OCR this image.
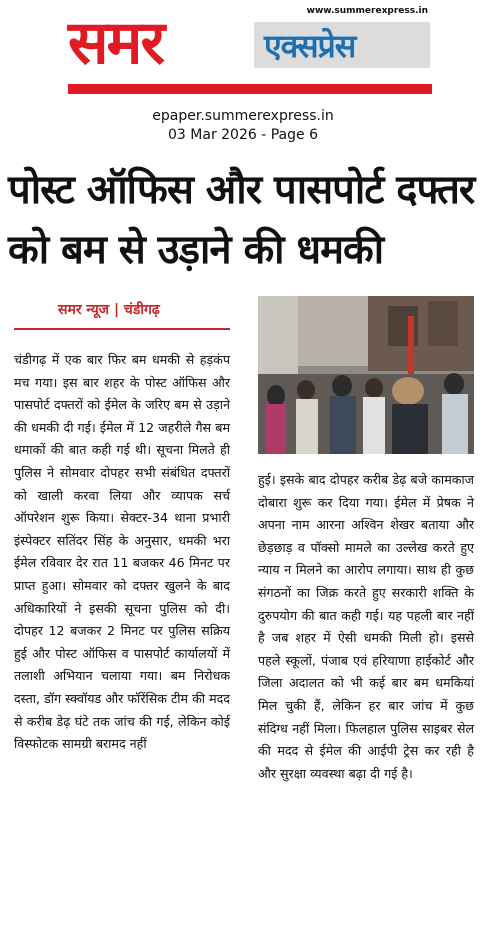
समर	एक्सप्रेस
www.summerexpress.in
epaper.summerexpress.in
03 Mar 2026 - Page 6
पोस्ट ऑफिस और पासपोर्ट दफ्तर को बम से उड़ाने की धमकी
समर न्यूज | चंडीगढ़

चंडीगढ़ में एक बार फिर बम धमकी से हड़कंप मच गया। इस बार शहर के पोस्ट ऑफिस और पासपोर्ट दफ्तरों को ईमेल के जरिए बम से उड़ाने की धमकी दी गई। ईमेल में 12 जहरीले गैस बम धमाकों की बात कही गई थी। सूचना मिलते ही पुलिस ने सोमवार दोपहर सभी संबंधित दफ्तरों को खाली करवा लिया और व्यापक सर्च ऑपरेशन शुरू किया। सेक्टर-34 थाना प्रभारी इंस्पेक्टर सतिंदर सिंह के अनुसार, धमकी भरा ईमेल रविवार देर रात 11 बजकर 46 मिनट पर प्राप्त हुआ। सोमवार को दफ्तर खुलने के बाद अधिकारियों ने इसकी सूचना पुलिस को दी। दोपहर 12 बजकर 2 मिनट पर पुलिस सक्रिय हुई और पोस्ट ऑफिस व पासपोर्ट कार्यालयों में तलाशी अभियान चलाया गया। बम निरोधक दस्ता, डॉग स्क्वॉयड और फॉरेंसिक टीम की मदद से करीब डेढ़ घंटे तक जांच की गई, लेकिन कोई विस्फोटक सामग्री बरामद नहीं

हुई। इसके बाद दोपहर करीब डेढ़ बजे कामकाज दोबारा शुरू कर दिया गया। ईमेल में प्रेषक ने अपना नाम आरना अश्विन शेखर बताया और छेड़छाड़ व पॉक्सो मामले का उल्लेख करते हुए न्याय न मिलने का आरोप लगाया। साथ ही कुछ संगठनों का जिक्र करते हुए सरकारी शक्ति के दुरुपयोग की बात कही गई। यह पहली बार नहीं है जब शहर में ऐसी धमकी मिली हो। इससे पहले स्कूलों, पंजाब एवं हरियाणा हाईकोर्ट और जिला अदालत को भी कई बार बम धमकियां मिल चुकी हैं, लेकिन हर बार जांच में कुछ संदिग्ध नहीं मिला। फिलहाल पुलिस साइबर सेल की मदद से ईमेल की आईपी ट्रेस कर रही है और सुरक्षा व्यवस्था बढ़ा दी गई है।
